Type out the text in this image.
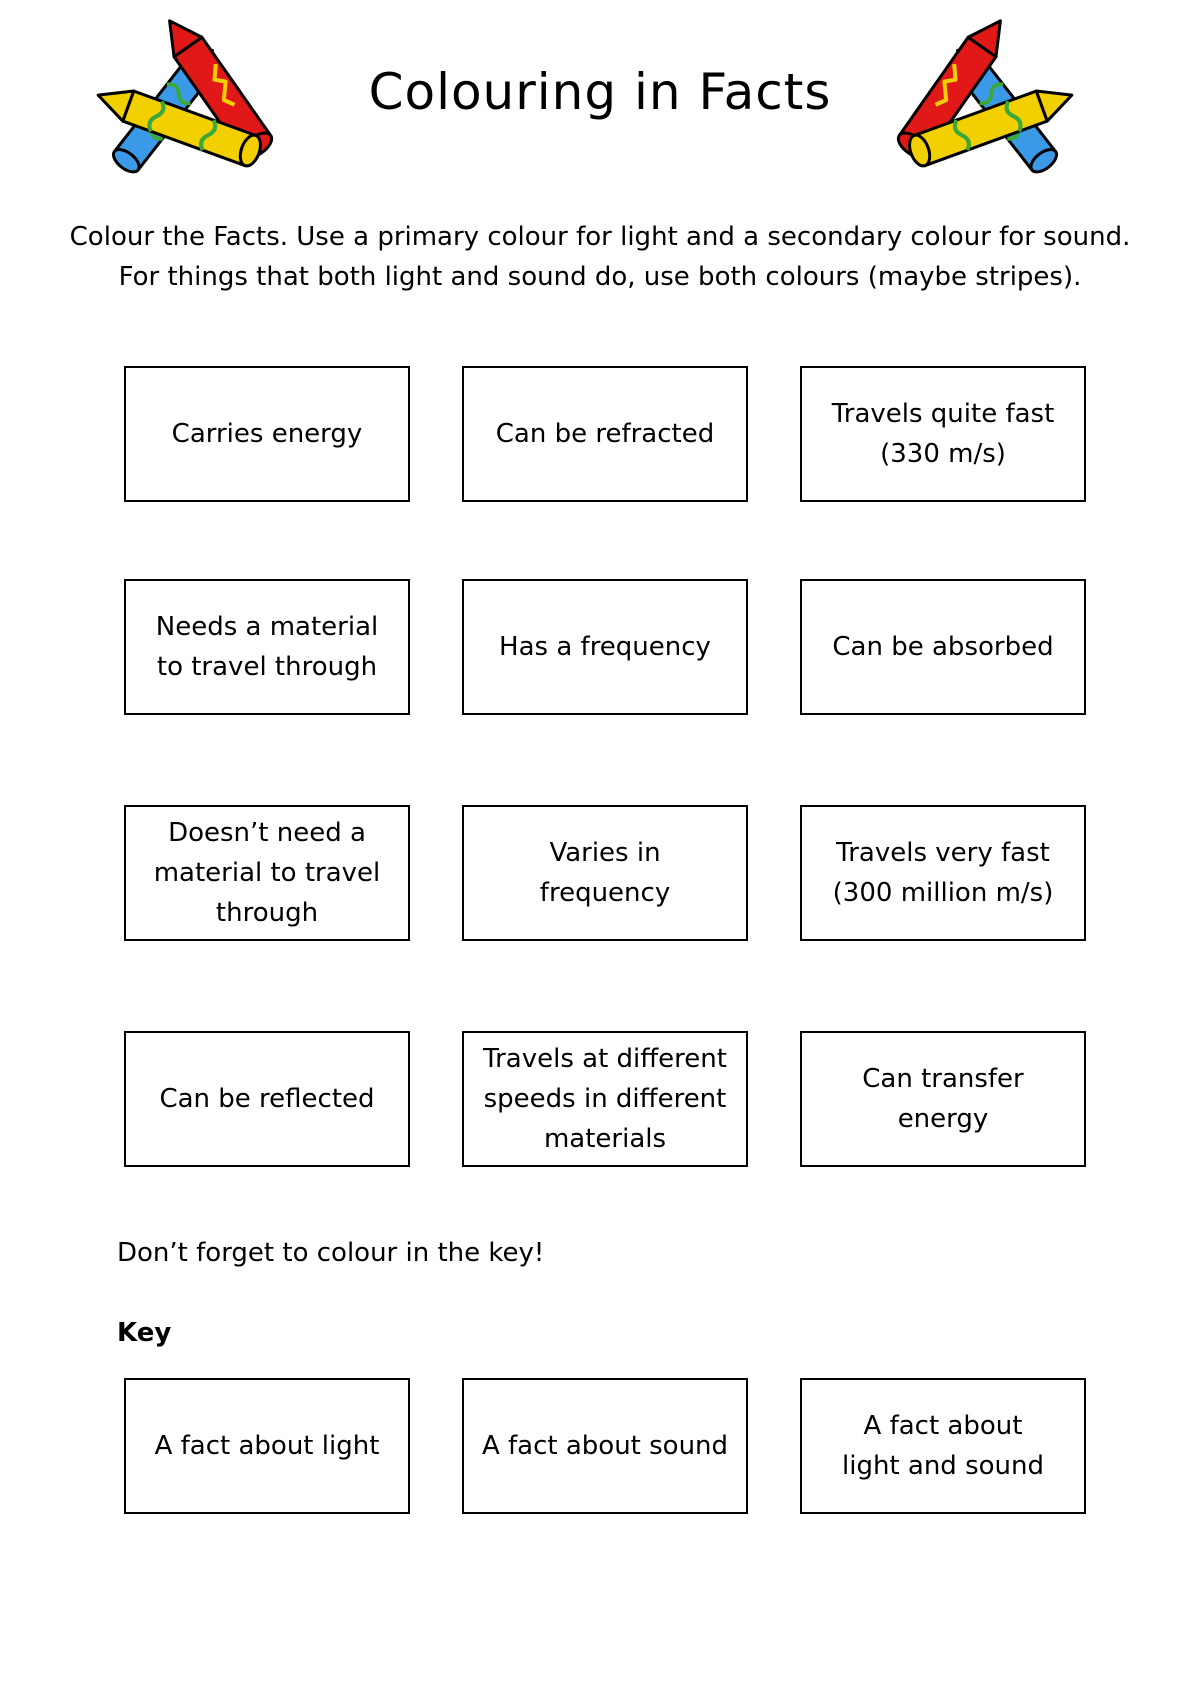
Colouring in Facts
Colour the Facts. Use a primary colour for light and a secondary colour for sound.
For things that both light and sound do, use both colours (maybe stripes).
Carries energy	Can be refracted
Travels quite fast
(330 m/s)
Needs a material
to travel through
Has a frequency	Can be absorbed
Doesn’t need a
material to travel
through
Varies in
frequency
Travels very fast
(300 million m/s)
Can be reflected
Travels at different
speeds in different
materials
Can transfer
energy
Don’t forget to colour in the key!
Key
A fact about light	A fact about sound
A fact about
light and sound
